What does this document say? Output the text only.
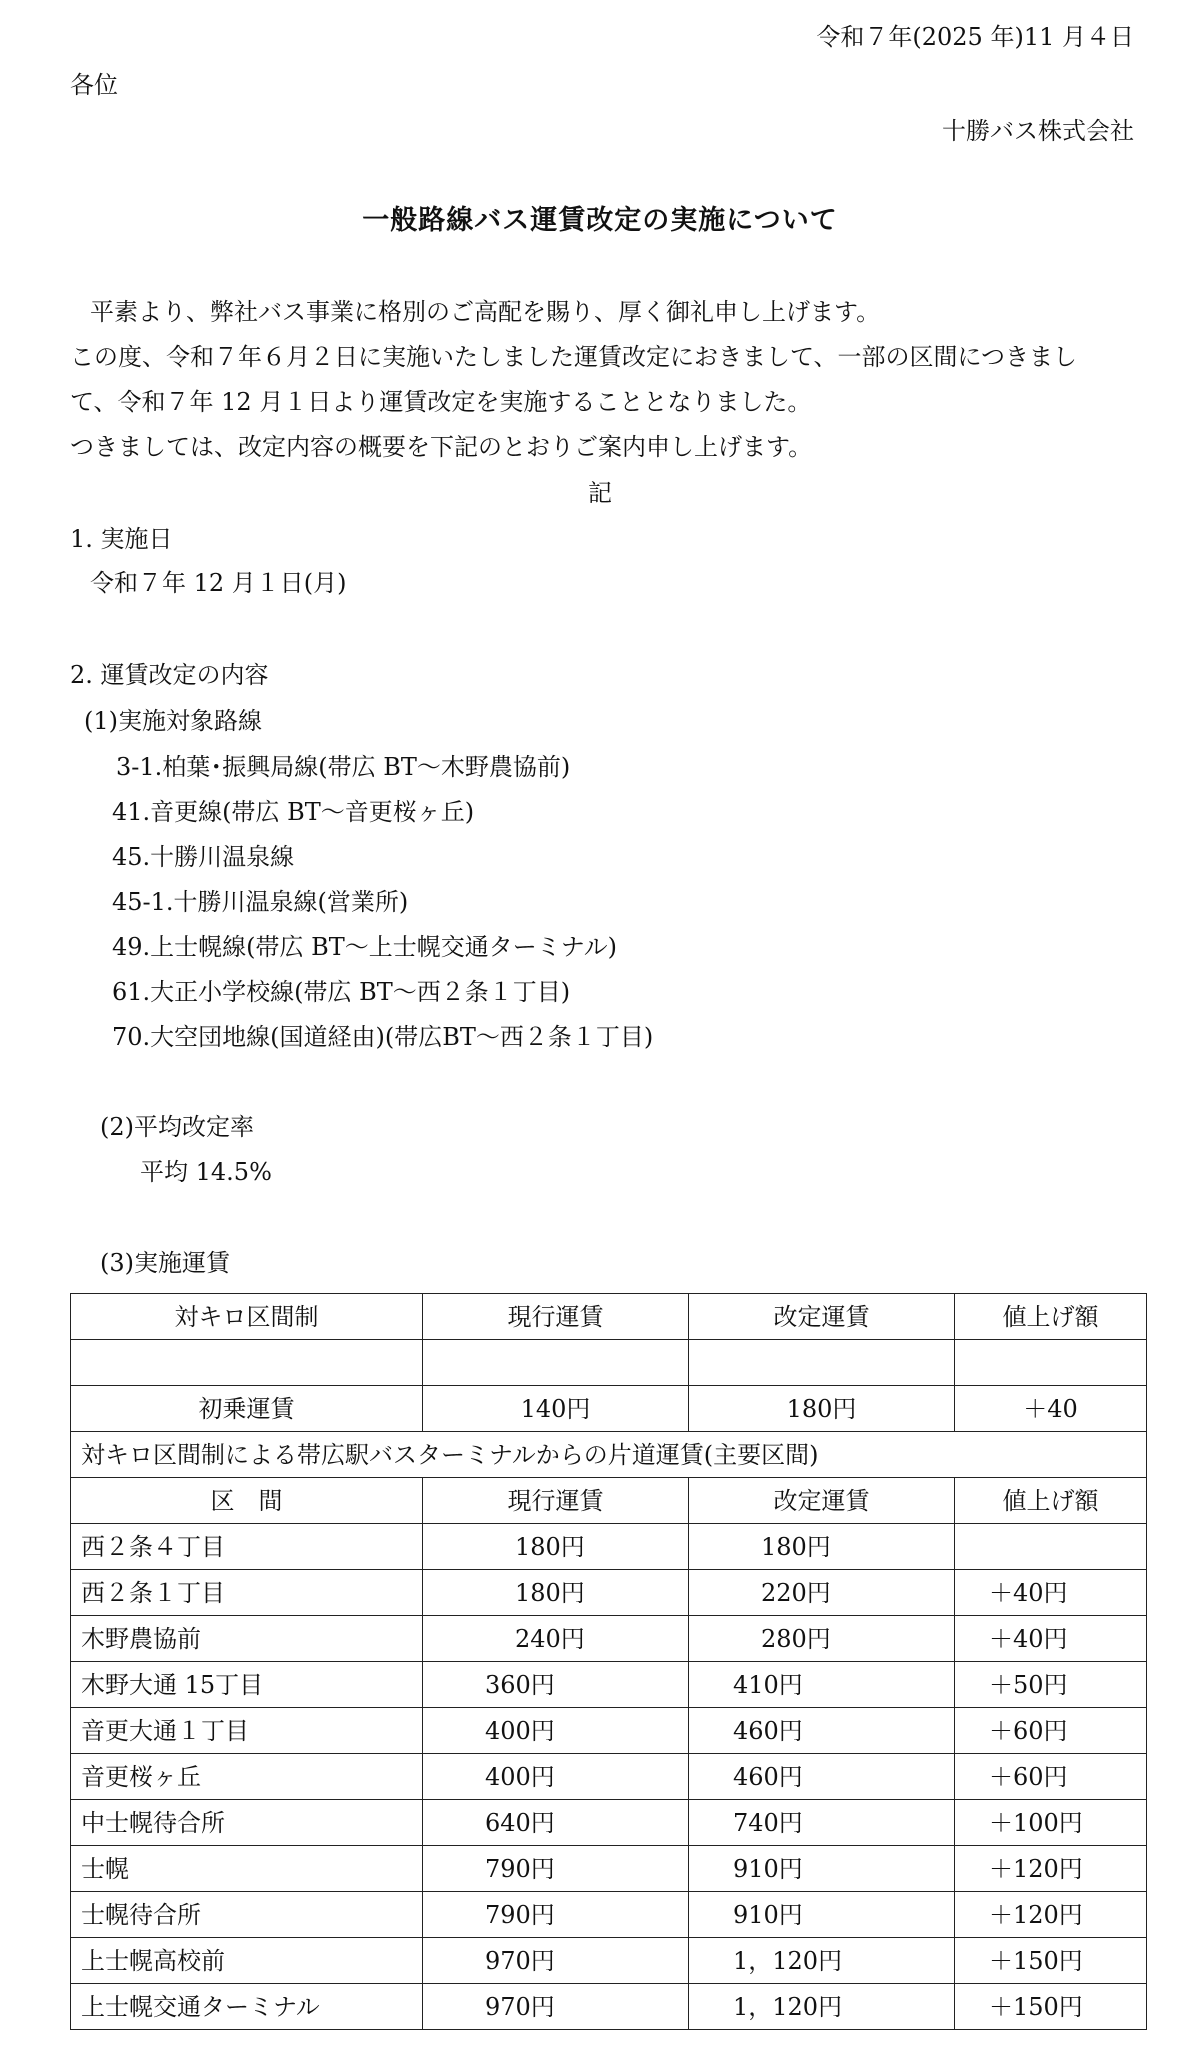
令和７年(2025 年)11 月４日
各位
十勝バス株式会社
一般路線バス運賃改定の実施について
平素より、弊社バス事業に格別のご高配を賜り、厚く御礼申し上げます。
この度、令和７年６月２日に実施いたしました運賃改定におきまして、一部の区間につきまし
て、令和７年 12 月１日より運賃改定を実施することとなりました。
つきましては、改定内容の概要を下記のとおりご案内申し上げます。
記
1. 実施日
令和７年 12 月１日(月)
2. 運賃改定の内容
(1)実施対象路線
3-1.柏葉･振興局線(帯広 BT～木野農協前)
41.音更線(帯広 BT～音更桜ヶ丘)
45.十勝川温泉線
45-1.十勝川温泉線(営業所)
49.上士幌線(帯広 BT～上士幌交通ターミナル)
61.大正小学校線(帯広 BT～西２条１丁目)
70.大空団地線(国道経由)(帯広BT～西２条１丁目)
(2)平均改定率
平均 14.5%
(3)実施運賃
対キロ区間制	現行運賃	改定運賃	値上げ額

初乗運賃	140円	180円	＋40
対キロ区間制による帯広駅バスターミナルからの片道運賃(主要区間)			
区　間	現行運賃	改定運賃	値上げ額
西２条４丁目	180円	180円	
西２条１丁目	180円	220円	＋40円
木野農協前	240円	280円	＋40円
木野大通 15丁目	360円	410円	＋50円
音更大通１丁目	400円	460円	＋60円
音更桜ヶ丘	400円	460円	＋60円
中士幌待合所	640円	740円	＋100円
士幌	790円	910円	＋120円
士幌待合所	790円	910円	＋120円
上士幌高校前	970円	1，120円	＋150円
上士幌交通ターミナル	970円	1，120円	＋150円
